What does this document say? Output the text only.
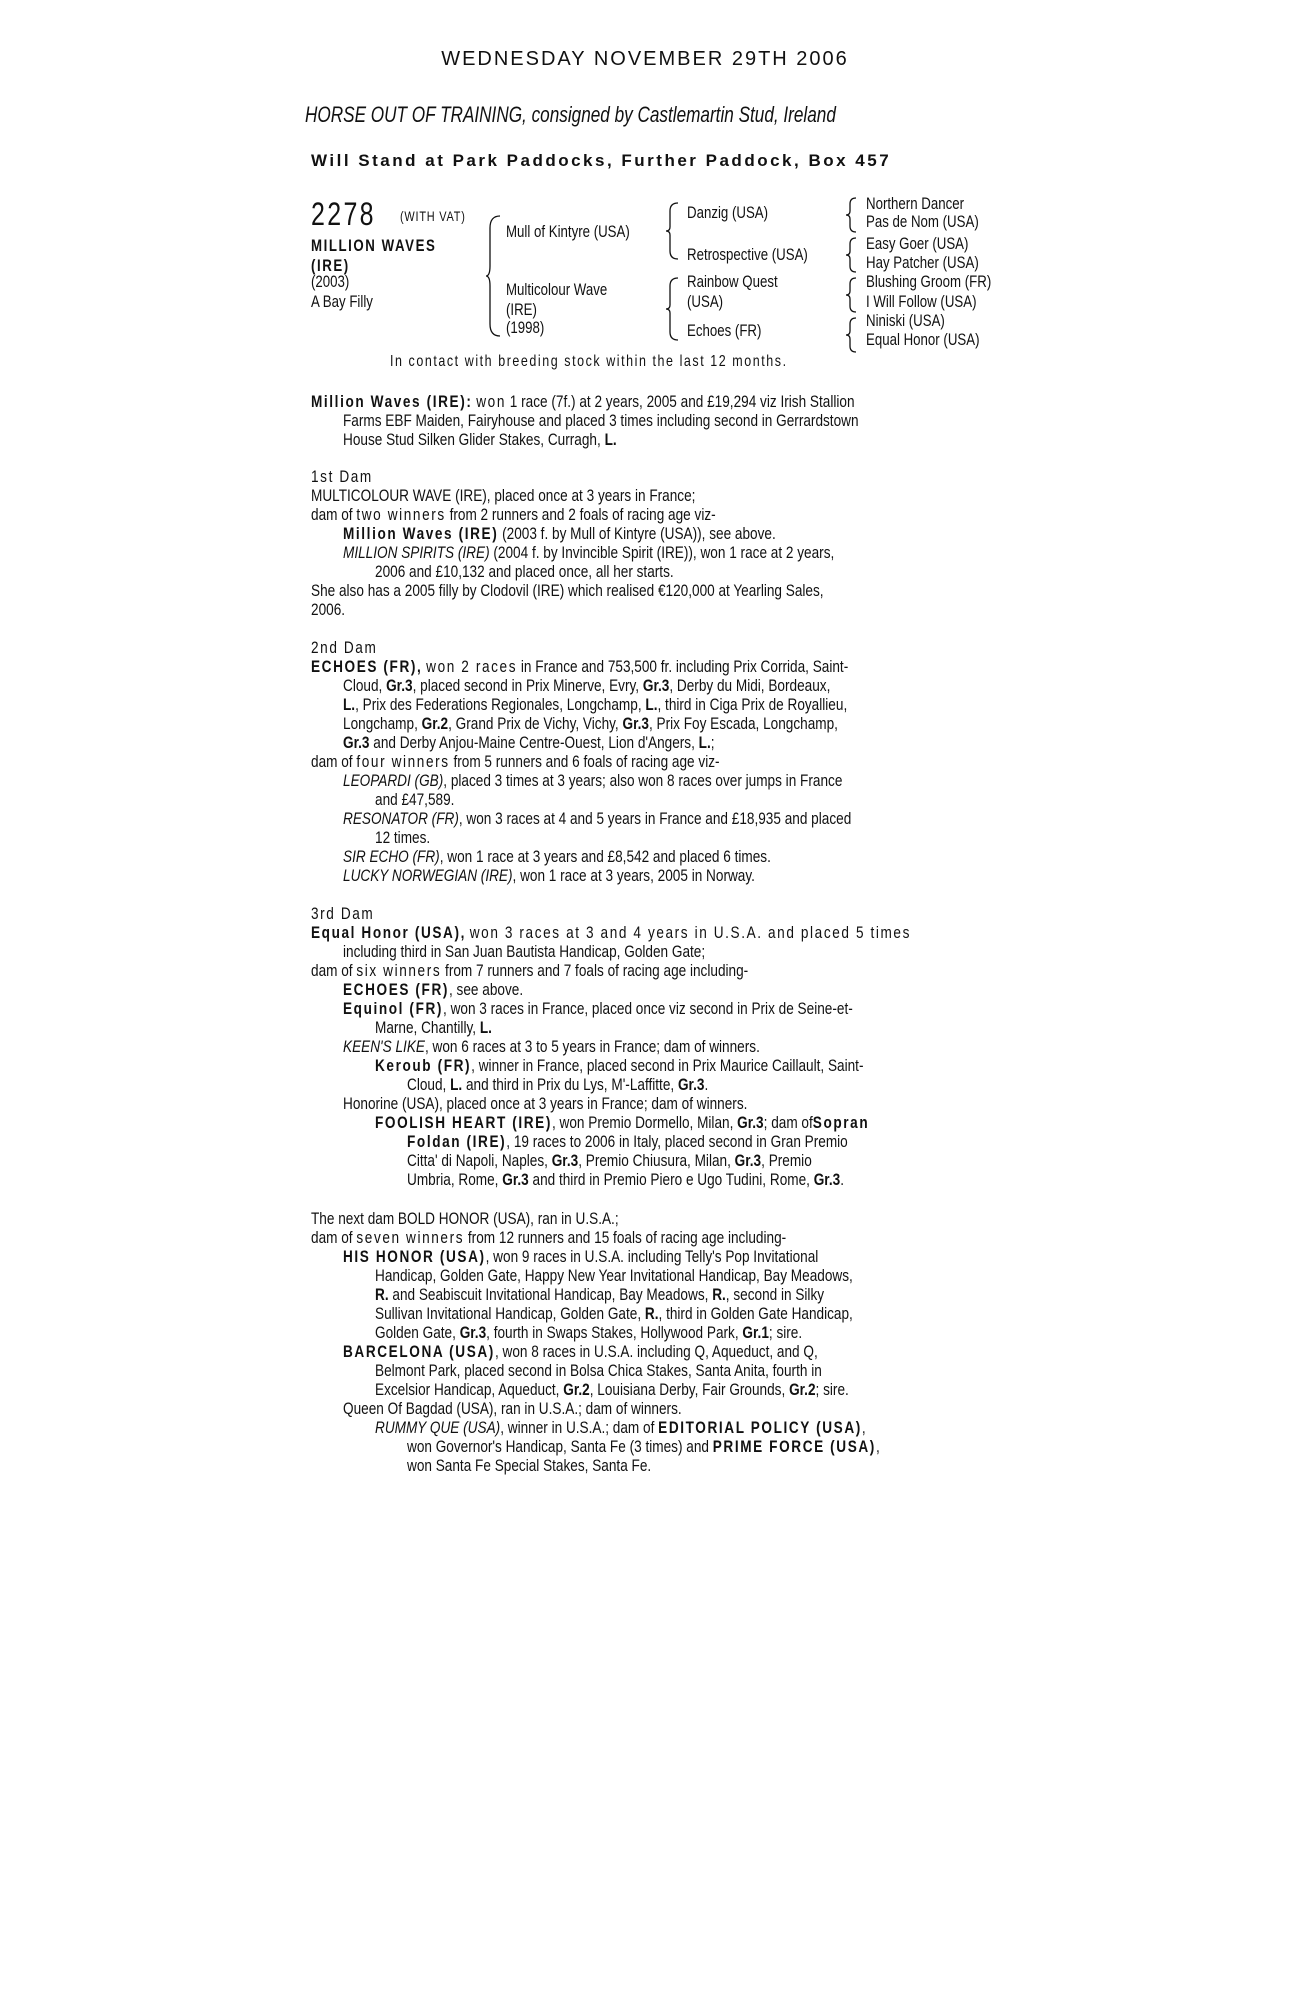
WEDNESDAY NOVEMBER 29TH 2006
HORSE OUT OF TRAINING, consigned by Castlemartin Stud, Ireland
Will Stand at Park Paddocks, Further Paddock, Box 457
2278 (WITH VAT)
MILLION WAVES
(IRE)
(2003)
A Bay Filly
Mull of Kintyre (USA)
Multicolour Wave
(IRE)
(1998)
Danzig (USA)
Retrospective (USA)
Rainbow Quest
(USA)
Echoes (FR)
Northern Dancer
Pas de Nom (USA)
Easy Goer (USA)
Hay Patcher (USA)
Blushing Groom (FR)
I Will Follow (USA)
Niniski (USA)
Equal Honor (USA)
In contact with breeding stock within the last 12 months.
Million Waves (IRE): won 1 race (7f.) at 2 years, 2005 and £19,294 viz Irish Stallion
Farms EBF Maiden, Fairyhouse and placed 3 times including second in Gerrardstown
House Stud Silken Glider Stakes, Curragh, L.
1st Dam
MULTICOLOUR WAVE (IRE), placed once at 3 years in France;
dam of two winners from 2 runners and 2 foals of racing age viz-
Million Waves (IRE) (2003 f. by Mull of Kintyre (USA)), see above.
MILLION SPIRITS (IRE) (2004 f. by Invincible Spirit (IRE)), won 1 race at 2 years,
2006 and £10,132 and placed once, all her starts.
She also has a 2005 filly by Clodovil (IRE) which realised €120,000 at Yearling Sales,
2006.
2nd Dam
ECHOES (FR), won 2 races in France and 753,500 fr. including Prix Corrida, Saint-
Cloud, Gr.3, placed second in Prix Minerve, Evry, Gr.3, Derby du Midi, Bordeaux,
L., Prix des Federations Regionales, Longchamp, L., third in Ciga Prix de Royallieu,
Longchamp, Gr.2, Grand Prix de Vichy, Vichy, Gr.3, Prix Foy Escada, Longchamp,
Gr.3 and Derby Anjou-Maine Centre-Ouest, Lion d'Angers, L.;
dam of four winners from 5 runners and 6 foals of racing age viz-
LEOPARDI (GB), placed 3 times at 3 years; also won 8 races over jumps in France
and £47,589.
RESONATOR (FR), won 3 races at 4 and 5 years in France and £18,935 and placed
12 times.
SIR ECHO (FR), won 1 race at 3 years and £8,542 and placed 6 times.
LUCKY NORWEGIAN (IRE), won 1 race at 3 years, 2005 in Norway.
3rd Dam
Equal Honor (USA), won 3 races at 3 and 4 years in U.S.A. and placed 5 times
including third in San Juan Bautista Handicap, Golden Gate;
dam of six winners from 7 runners and 7 foals of racing age including-
ECHOES (FR), see above.
Equinol (FR), won 3 races in France, placed once viz second in Prix de Seine-et-
Marne, Chantilly, L.
KEEN'S LIKE, won 6 races at 3 to 5 years in France; dam of winners.
Keroub (FR), winner in France, placed second in Prix Maurice Caillault, Saint-
Cloud, L. and third in Prix du Lys, M'-Laffitte, Gr.3.
Honorine (USA), placed once at 3 years in France; dam of winners.
FOOLISH HEART (IRE), won Premio Dormello, Milan, Gr.3; dam ofSopran
Foldan (IRE), 19 races to 2006 in Italy, placed second in Gran Premio
Citta' di Napoli, Naples, Gr.3, Premio Chiusura, Milan, Gr.3, Premio
Umbria, Rome, Gr.3 and third in Premio Piero e Ugo Tudini, Rome, Gr.3.
The next dam BOLD HONOR (USA), ran in U.S.A.;
dam of seven winners from 12 runners and 15 foals of racing age including-
HIS HONOR (USA), won 9 races in U.S.A. including Telly's Pop Invitational
Handicap, Golden Gate, Happy New Year Invitational Handicap, Bay Meadows,
R. and Seabiscuit Invitational Handicap, Bay Meadows, R., second in Silky
Sullivan Invitational Handicap, Golden Gate, R., third in Golden Gate Handicap,
Golden Gate, Gr.3, fourth in Swaps Stakes, Hollywood Park, Gr.1; sire.
BARCELONA (USA), won 8 races in U.S.A. including Q, Aqueduct, and Q,
Belmont Park, placed second in Bolsa Chica Stakes, Santa Anita, fourth in
Excelsior Handicap, Aqueduct, Gr.2, Louisiana Derby, Fair Grounds, Gr.2; sire.
Queen Of Bagdad (USA), ran in U.S.A.; dam of winners.
RUMMY QUE (USA), winner in U.S.A.; dam of EDITORIAL POLICY (USA),
won Governor's Handicap, Santa Fe (3 times) and PRIME FORCE (USA),
won Santa Fe Special Stakes, Santa Fe.
